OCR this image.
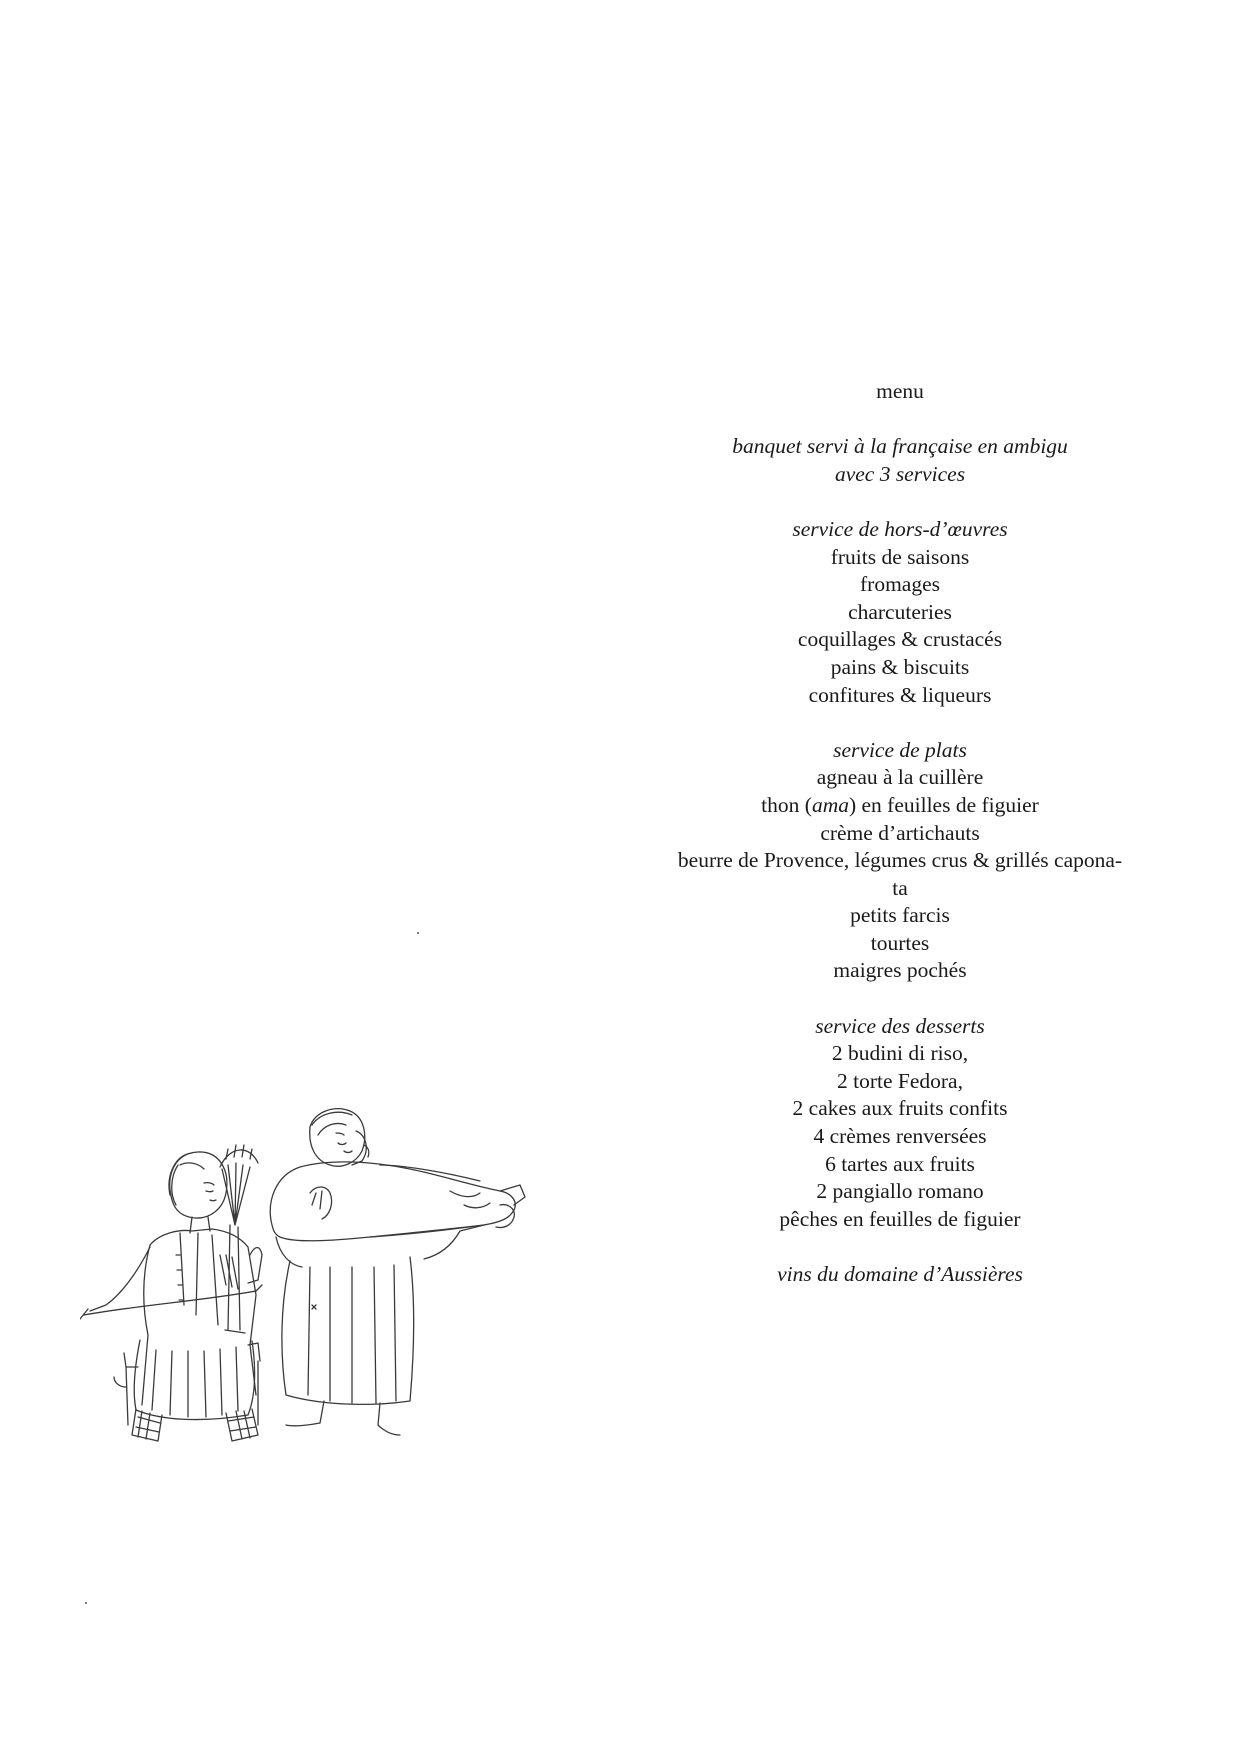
menu
banquet servi à la française en ambigu
avec 3 services
service de hors-d’œuvres
fruits de saisons
fromages
charcuteries
coquillages & crustacés
pains & biscuits
confitures & liqueurs
service de plats
agneau à la cuillère
thon (ama) en feuilles de figuier
crème d’artichauts
beurre de Provence, légumes crus & grillés capona-
ta
petits farcis
tourtes
maigres pochés
service des desserts
2 budini di riso,
2 torte Fedora,
2 cakes aux fruits confits
4 crèmes renversées
6 tartes aux fruits
2 pangiallo romano
pêches en feuilles de figuier
vins du domaine d’Aussières
